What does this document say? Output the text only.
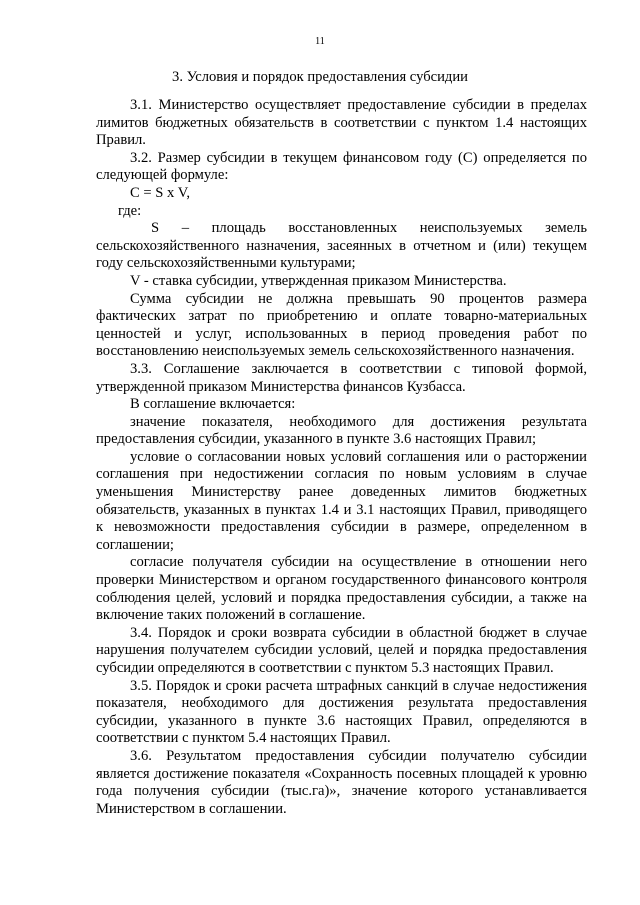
11
3. Условия и порядок предоставления субсидии

3.1. Министерство осуществляет предоставление субсидии в пределах лимитов бюджетных обязательств в соответствии с пунктом 1.4 настоящих Правил.

3.2. Размер субсидии в текущем финансовом году (С) определяется по следующей формуле:

С = S x V,

где:

S – площадь восстановленных неиспользуемых земель сельскохозяйственного назначения, засеянных в отчетном и (или) текущем году сельскохозяйственными культурами;

V - ставка субсидии, утвержденная приказом Министерства.

Сумма субсидии не должна превышать 90 процентов размера фактических затрат по приобретению и оплате товарно-материальных ценностей и услуг, использованных в период проведения работ по восстановлению неиспользуемых земель сельскохозяйственного назначения.

3.3. Соглашение заключается в соответствии с типовой формой, утвержденной приказом Министерства финансов Кузбасса.

В соглашение включается:

значение показателя, необходимого для достижения результата предоставления субсидии, указанного в пункте 3.6 настоящих Правил;

условие о согласовании новых условий соглашения или о расторжении соглашения при недостижении согласия по новым условиям в случае уменьшения Министерству ранее доведенных лимитов бюджетных обязательств, указанных в пунктах 1.4 и 3.1 настоящих Правил, приводящего к невозможности предоставления субсидии в размере, определенном в соглашении;

согласие получателя субсидии на осуществление в отношении него проверки Министерством и органом государственного финансового контроля соблюдения целей, условий и порядка предоставления субсидии, а также на включение таких положений в соглашение.

3.4. Порядок и сроки возврата субсидии в областной бюджет в случае нарушения получателем субсидии условий, целей и порядка предоставления субсидии определяются в соответствии с пунктом 5.3 настоящих Правил.

3.5. Порядок и сроки расчета штрафных санкций в случае недостижения показателя, необходимого для достижения результата предоставления субсидии, указанного в пункте 3.6 настоящих Правил, определяются в соответствии с пунктом 5.4 настоящих Правил.

3.6. Результатом предоставления субсидии получателю субсидии является достижение показателя «Сохранность посевных площадей к уровню года получения субсидии (тыс.га)», значение которого устанавливается Министерством в соглашении.
